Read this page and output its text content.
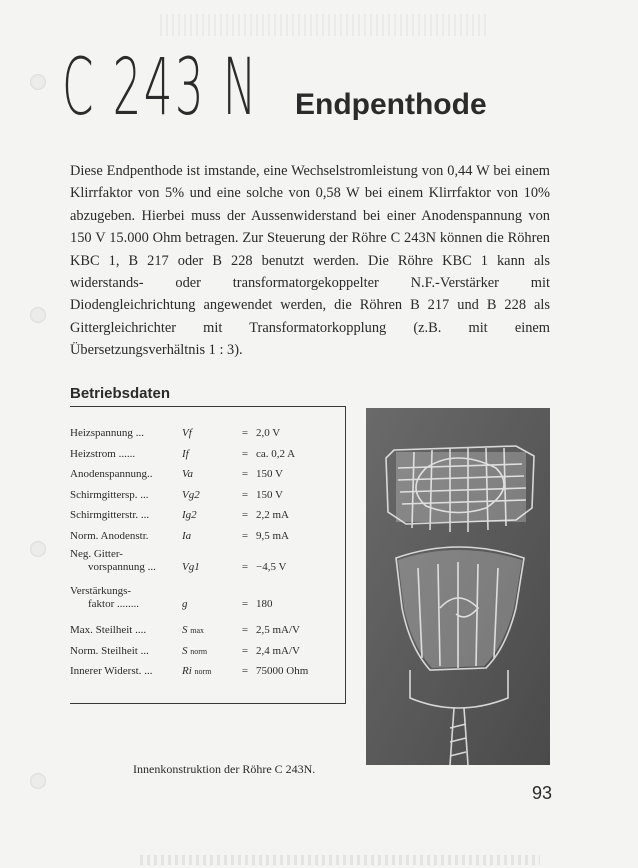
C 243 N Endpenthode

Diese Endpenthode ist imstande, eine Wechselstromleistung von 0,44 W bei einem Klirrfaktor von 5% und eine solche von 0,58 W bei einem Klirrfaktor von 10% abzugeben. Hierbei muss der Aussenwiderstand bei einer Anodenspannung von 150 V 15.000 Ohm betragen. Zur Steuerung der Röhre C 243N können die Röhren KBC 1, B 217 oder B 228 benutzt werden. Die Röhre KBC 1 kann als widerstands- oder transformatorgekoppelter N.F.-Verstärker mit Diodengleichrichtung angewendet werden, die Röhren B 217 und B 228 als Gittergleichrichter mit Transformatorkopplung (z.B. mit einem Übersetzungsverhältnis 1 : 3).

Betriebsdaten
Heizspannung ...	Vf	= 2,0 V
Heizstrom ......	If	= ca. 0,2 A
Anodenspannung..	Va	= 150 V
Schirmgittersp. ...	Vg2	= 150 V
Schirmgitterstr. ...	Ig2	= 2,2 mA
Norm. Anodenstr.	Ia	= 9,5 mA
Neg. Gitter-
vorspannung ...	Vg1	= −4,5 V
Verstärkungs-
faktor ........	g	= 180
Max. Steilheit ....	S max	= 2,5 mA/V
Norm. Steilheit ...	S norm	= 2,4 mA/V
Innerer Widerst. ...	Ri norm	= 75000 Ohm
Innenkonstruktion der Röhre C 243N.
93
